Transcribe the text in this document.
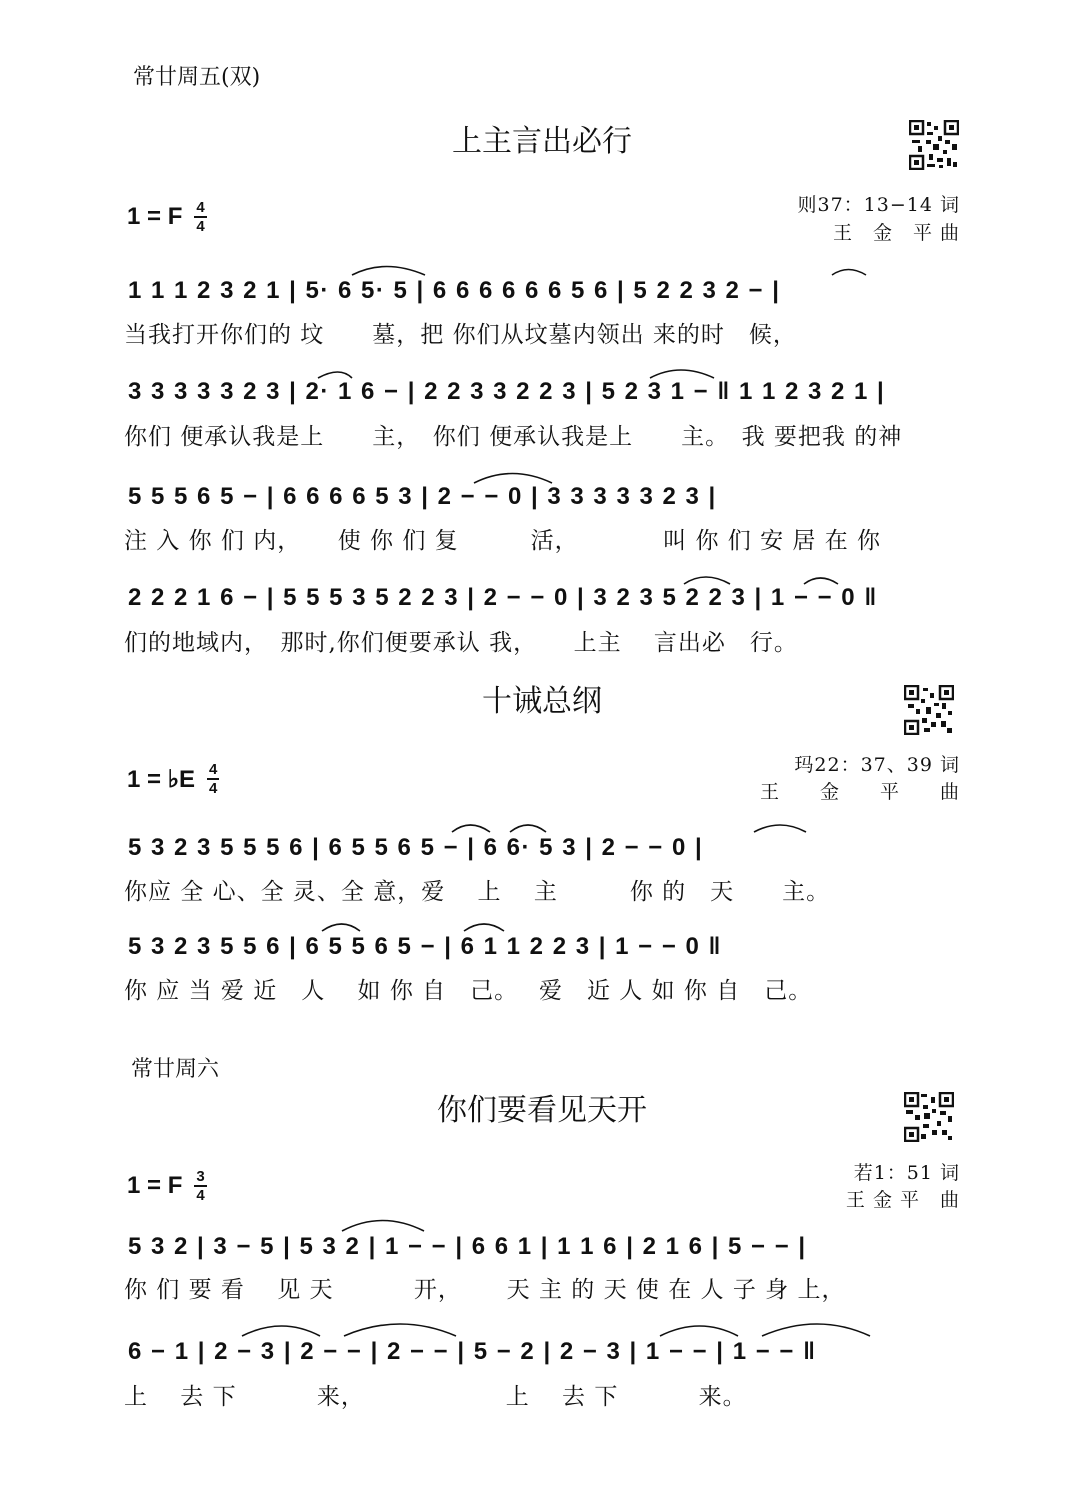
常廿周五(双)
上主言出必行
1 = F $\frac{4}{4}$	则37：13−14 词
王　金　平 曲
1 1 1 2 3 2 1 | 5· 6 5· 5 | 6 6 6 6 6 6 5 6 | 5 2 2 3 2 − |
当我打开你们的 坟　　墓，把 你们从坟墓内领出 来的时　候，
3 3 3 3 3 2 3 | 2· 1 6 − | 2 2 3 3 2 2 3 | 5 2 3 1 − ‖ 1 1 2 3 2 1 |
你们 便承认我是上　　主，　你们 便承认我是上　　主。　我 要把我 的神
5 5 5 6 5 − | 6 6 6 6 5 3 | 2 − − 0 | 3 3 3 3 3 2 3 |
注 入 你 们 内，　　使 你 们 复　　　活，　　　　叫 你 们 安 居 在 你
2 2 2 1 6 − | 5 5 5 3 5 2 2 3 | 2 − − 0 | 3 2 3 5 2 2 3 | 1 − − 0 ‖
们的地域内，　那时,你们便要承认 我，　　上主　 言出必　行。
十诫总纲
1 = ♭E $\frac{4}{4}$	玛22：37、39 词
王　　金　　平　　曲
5 3 2 3 5 5 5 6 | 6 5 5 6 5 − | 6 6· 5 3 | 2 − − 0 |
你应 全 心、全 灵、全 意，爱　 上　 主　　　你 的　天　　主。
5 3 2 3 5 5 6 | 6 5 5 6 5 − | 6 1 1 2 2 3 | 1 − − 0 ‖
你 应 当 爱 近　人　 如 你 自　己。　 爱　近 人 如 你 自　己。
常廿周六
你们要看见天开
1 = F $\frac{3}{4}$	若1：51 词
王 金 平　曲
5 3 2 | 3 − 5 | 5 3 2 | 1 − − | 6 6 1 | 1 1 6 | 2 1 6 | 5 − − |
你 们 要 看　 见 天　　　 开，　　 天 主 的 天 使 在 人 子 身 上，
6 − 1 | 2 − 3 | 2 − − | 2 − − | 5 − 2 | 2 − 3 | 1 − − | 1 − − ‖
上　 去 下　　　 来，　　　　　　 上　 去 下　　　 来。
